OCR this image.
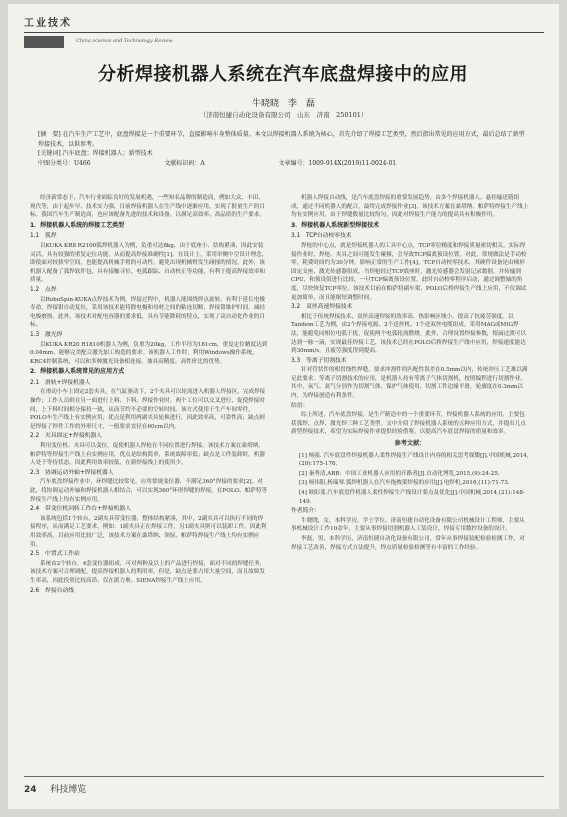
工业技术
China science and Technology Review
分析焊接机器人系统在汽车底盘焊接中的应用
牛晓晓　李　磊
（济南恒捷自动化设备有限公司　山东　济南　250101）
[摘　要] 在汽车生产工艺中，底盘焊接是一个重要环节，直接影响车身整体质量。本文以焊接机器人系统为核心，首先介绍了焊接工艺类型，然后指出常见的应用方式，最后总结了新型焊接技术，以供参考。
[关键词] 汽车底盘；焊接机器人；新型技术
中图分类号：U466	文献标识码：A	文章编号：1009-914X(2019)11-0024-01

经济新常态下，汽车行业面临良好的发展机遇，一些知名品牌的制造商，例如大众、丰田、现代等，由于起步早、技术实力强，目前焊接机器人在生产线中逐渐应用，实现了批量生产的目标。我国汽车生产制造商，也应该配备先进的技术和设备，以满足高效率、高品质的生产要求。

1．焊接机器人系统的焊接工艺类型
1.1　弧焊

以KUKA KR8 R2100弧焊机器人为例，负重可达8kg，由于底座小、结构紧凑，因此安装灵活，具有较强的重复定位功能，从而提高焊接准确性[1]。在设计上，采用单侧中空设计理念，即使面对较狭窄空间，也能提高机械手臂的可动性，避免出现机械臂发生碰撞的情况。此外，该机器人配备了弧焊软件包，具有接触寻位、电弧跟踪、自动校正等功能，有利于提高焊接效率和质量。

1.2　点焊

以RoboSpin-KUKA点焊技术为例，焊接过程中，机器人能围绕焊点旋转，有利于延长电极寿命。焊接钳自动复位，采用该技术能将除电极和母材之间的粘连切断，焊接钳维护时间，减轻电极磨损。此外，该技术对配电容器的要求低，具有节能降耗的特点，实现了高自动化作业的目标。

1.3　激光焊

以KUKA KR20 R1810机器人为例，负重为20kg，工作半径为181cm，重复定位精度达到0.04mm，能够完美配合激光加工构造的要求。该机器人工作时，利用Windows操作系统，KRC4控制系统，可以和多种激光设备相连接，兼具高精度、高性价比的优势。

2．焊接机器人系统常见的应用方式
2.1　滑轨+焊接机器人

在滑动小车上固定2套夹具，在气缸驱动下，2个夹具可以轮流进入机器人焊接区，完成焊接操作；工作人员则在另一面进行上料、下料，焊接作业时，两个工位可以交叉进行，促使焊接时间，上下料时间相分保持一致，从而节约不必要的空转时间。该方式使用于生产车间零件，POLO车生产线上有实例应用，优点是利用两副夹具轮换进行，因此效率高，可靠性高；缺点则是焊接了焊件工作的外形尺寸，一般要求直径在60cm以内。

2.2　夹具固定+焊接机器人

利用变位机、夹具可以变位，促使机器人焊枪在不同位置进行焊接。该技术方案在桑塔纳、帕萨特等焊接生产线上有实例应用，优点是结构简单，系统故障率低；缺点是工件装卸时，机器人处于等待状态，因此利用效率较低，在新焊接线上的使用少。

2.3　协调运动外轴+焊接机器人

汽车底盘焊接作业中，环焊缝比较常见，应用常规变位器，不满足360°焊接的要求[2]。对此，将协调运动外轴和焊接机器人相结合，可以实现360°环形焊缝的焊接，在POLO、帕萨特等焊接生产线上均有实例应用。

2.4　带变位机回转工作台+焊接机器人

该系统包括1个转台，2副夹具带变位器，整体结构紧凑，其中，2副夹具可以执行不同的焊接程序，从而满足工艺要求，例如：1副夹具正在焊接工件，另1副夹具则可以装卸工件。因此利用效率高，目前应用比较广泛，该技术方案在桑塔纳、领驭、帕萨特焊接生产线上均有实例应用。

2.5　中置式工作站

系统由2个转台，4套变位器组成，可对两种及以上的产品进行焊接，面对不同的焊缝任务，该技术方案可合理调配，提高焊接机器人的利用率，但是，缺点是要占用大量空间，而且故障发生率高，因此投资比较高昂，仅在派力奥、SIENA焊接生产线上应用。

2.6　焊接自动线

机器人焊接自动线，是汽车底盘焊接的重要发展趋势，由多个焊接机器人、悬挂输送链组成，通过不同机器人的配合，最终完成焊接作业[3]。该技术方案在桑塔纳、帕萨特焊接生产线上均有实例应用，由于焊缝数量比较均匀，因此对焊接生产能力的提高具有积极作用。

3．焊接机器人系统新型焊接技术
3.1　TCP自动校零技术

焊枪的中心点，就是焊接机器人的工具中心点，TCP零位精度和焊接质量密切相关。实际焊接作业时，焊枪、夹具之间可能发生碰撞，会导致TCP偏离预设位置，对此，常规做法是手动校零，耗费时间约为30分钟，影响正常的生产工作[4]。TCP自动校零技术，其硬件设备是由梯形固定支座、激光传感器组成，当焊枪经过TCP底座时，激光传感器会发射记录数据，并传输到CPU，和预设值进行比较，一旦TCP偏离预设位置，此时自动校零程序启动，通过调整轴的角度，尽快恢复TCP零位。该技术目前在帕萨特副车架、POLO后桥焊接生产线上应用，不仅调试更加简单，而且能缩短调整时间。

3.2　双丝高速焊接技术

相比于传统焊接技术，双丝高速焊接的效率高、热影响区域小，提高了抗疲劳强度。以Tandem工艺为例，由2个焊接电源、2个送丝机、1个送双丝电缆组成，采用MAG或MIG焊法，能避免同相位电弧干扰，促使两个电弧轮流燃烧。此外，合理设置焊接参数，熔滴过渡可以达到一脉一滴，实现最佳焊接工艺，该技术已经在POLO后桥焊接生产线中应用，焊接速度能达到30mm/s，且疲劳强度得到提高。

3.3　等离子切割技术

针对管状件的相贯线性焊缝，要求冲割件的匹配性误差在0.5mm以内，传统冲压工艺难以满足此要求。等离子切割技术的应用，是机器人持有等离子气体切割机，按照编程进行切割作业。其中，氧气、氮气分别作为切割气体、保护气体使用，切割工件边缘平滑，轮廓度在0.3mm以内，为焊接创造有利条件。

结语：

综上所述，汽车底盘焊接，是生产制造中的一个重要环节，焊接机器人系统的应用，主要包括弧焊、点焊、激光焊三种工艺类型。文中介绍了焊接机器人系统的五种应用方式，并提出几点新型焊接技术，希望为实际焊接作业提供经验借鉴，以提高汽车底盘焊接的质量和效率。

参考文献：

[1] 杨强. 汽车底盘件焊接机器人柔性焊接生产线设计内容的相关思考探微[J].中国机械,2014,(20):175-176.

[2] 秦秀清,ABB：中国工业机器人应用的开路者[J].自动化博览,2015,(9):24-25.

[3] 杨伟阳,杨瑞琴.弧焊机器人在汽车拖拽架焊接的应用[J].电焊机,2016,(11):71-73.

[4] 欧阳斐.汽车底盘件机器人柔性焊接生产线设计要点及优化[J].中国机械,2014,(21):148-149.

作者简介：

牛晓晓，女，本科学历，学士学位。济南恒捷自动化设备有限公司机械设计工程师，主要从事机械设计工作10余年，主要从事焊接切割机器人工装设计，焊接专用数控设备的设计。

李磊，男，本科学历，济南恒捷自动化设备有限公司，常年从事焊接装配检验检测工作，对焊接工艺改善，焊接方式方法提升，焊点质量检验检测等有丰富的工作经验。

24 科技博览
